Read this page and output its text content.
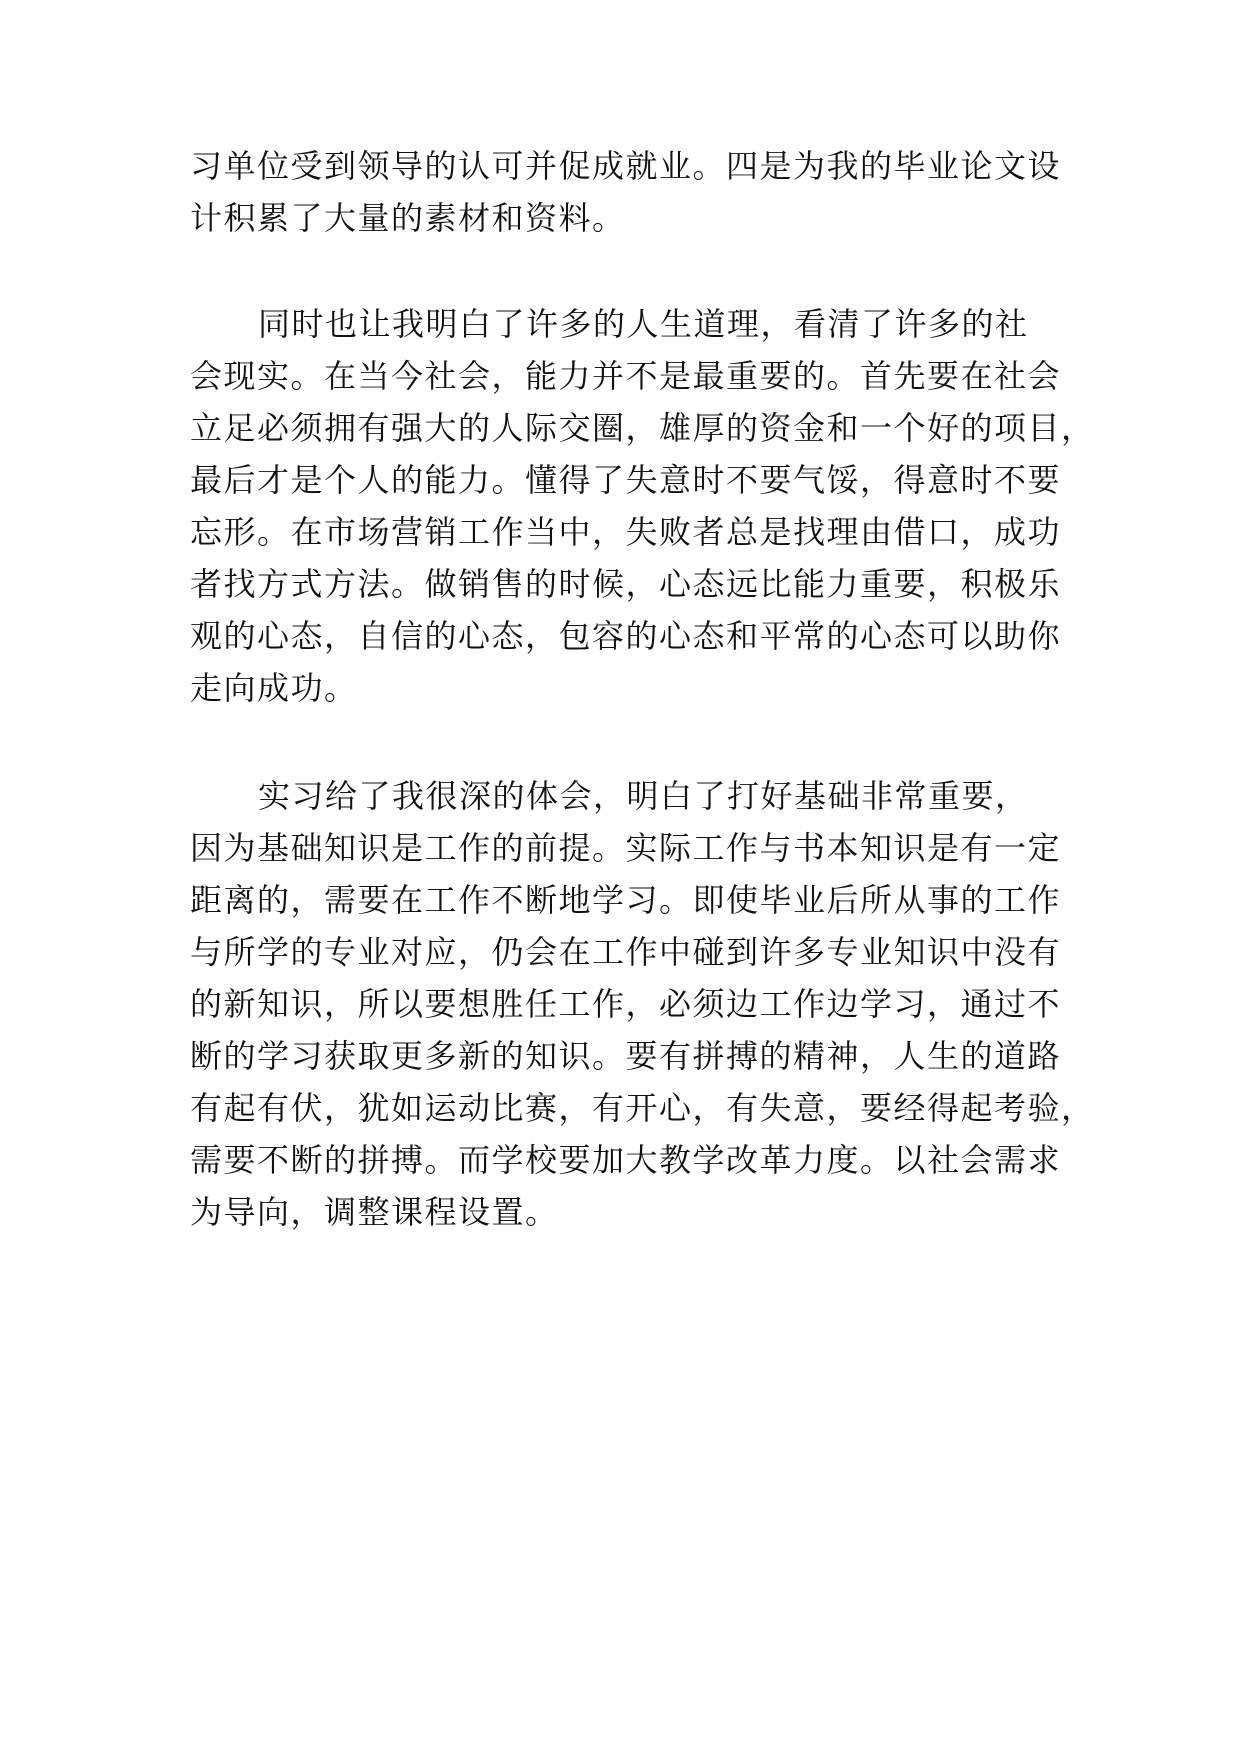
习单位受到领导的认可并促成就业。四是为我的毕业论文设
计积累了大量的素材和资料。
同时也让我明白了许多的人生道理，看清了许多的社
会现实。在当今社会，能力并不是最重要的。首先要在社会
立足必须拥有强大的人际交圈，雄厚的资金和一个好的项目，
最后才是个人的能力。懂得了失意时不要气馁，得意时不要
忘形。在市场营销工作当中，失败者总是找理由借口，成功
者找方式方法。做销售的时候，心态远比能力重要，积极乐
观的心态，自信的心态，包容的心态和平常的心态可以助你
走向成功。
实习给了我很深的体会，明白了打好基础非常重要，
因为基础知识是工作的前提。实际工作与书本知识是有一定
距离的，需要在工作不断地学习。即使毕业后所从事的工作
与所学的专业对应，仍会在工作中碰到许多专业知识中没有
的新知识，所以要想胜任工作，必须边工作边学习，通过不
断的学习获取更多新的知识。要有拼搏的精神，人生的道路
有起有伏，犹如运动比赛，有开心，有失意，要经得起考验，
需要不断的拼搏。而学校要加大教学改革力度。以社会需求
为导向，调整课程设置。
